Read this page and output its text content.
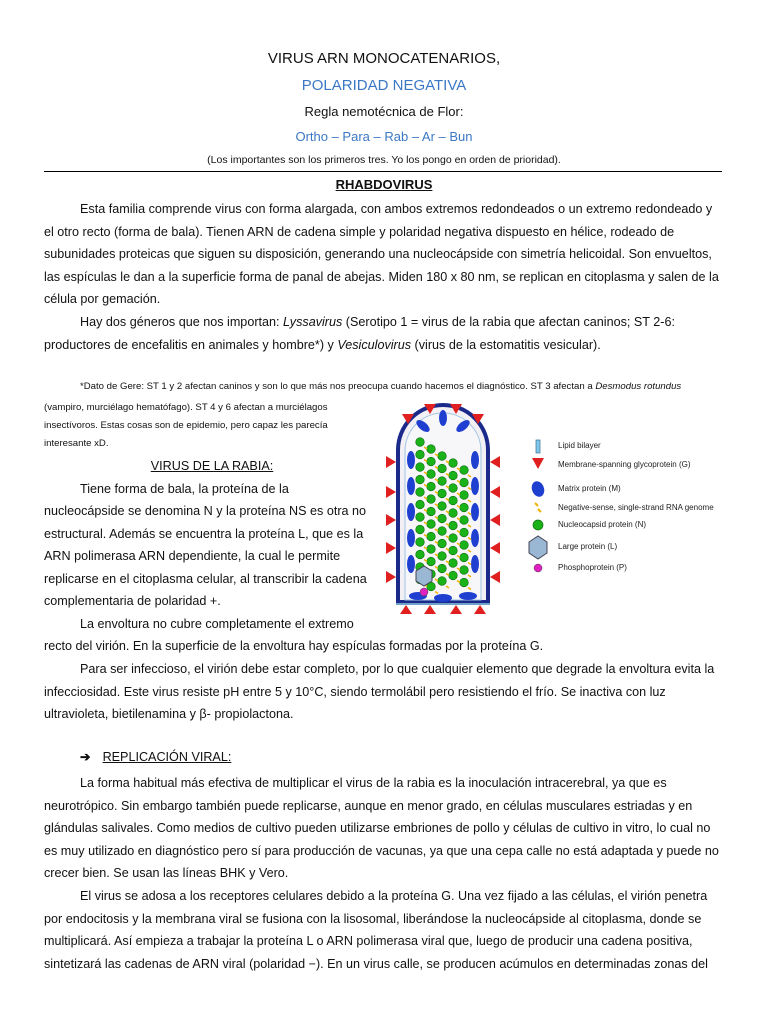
VIRUS ARN MONOCATENARIOS,
POLARIDAD NEGATIVA
Regla nemotécnica de Flor:
Ortho – Para – Rab – Ar – Bun
(Los importantes son los primeros tres. Yo los pongo en orden de prioridad).
RHABDOVIRUS

Esta familia comprende virus con forma alargada, con ambos extremos redondeados o un extremo redondeado y el otro recto (forma de bala). Tienen ARN de cadena simple y polaridad negativa dispuesto en hélice, rodeado de subunidades proteicas que siguen su disposición, generando una nucleocápside con simetría helicoidal. Son envueltos, las espículas le dan a la superficie forma de panal de abejas. Miden 180 x 80 nm, se replican en citoplasma y salen de la célula por gemación.

Hay dos géneros que nos importan: Lyssavirus (Serotipo 1 = virus de la rabia que afectan caninos; ST 2-6: productores de encefalitis en animales y hombre*) y Vesiculovirus (virus de la estomatitis vesicular).

*Dato de Gere: ST 1 y 2 afectan caninos y son lo que más nos preocupa cuando hacemos el diagnóstico. ST 3 afectan a Desmodus rotundus

(vampiro, murciélago hematófago). ST 4 y 6 afectan a murciélagos

insectívoros. Estas cosas son de epidemio, pero capaz les parecía

interesante xD.

VIRUS DE LA RABIA:

Tiene forma de bala, la proteína de la

nucleocápside se denomina N y la proteína NS es otra no

estructural. Además se encuentra la proteína L, que es la

ARN polimerasa ARN dependiente, la cual le permite

replicarse en el citoplasma celular, al transcribir la cadena

complementaria de polaridad +.

La envoltura no cubre completamente el extremo

recto del virión. En la superficie de la envoltura hay espículas formadas por la proteína G.

Para ser infeccioso, el virión debe estar completo, por lo que cualquier elemento que degrade la envoltura evita la infecciosidad. Este virus resiste pH entre 5 y 10°C, siendo termolábil pero resistiendo el frío. Se inactiva con luz ultravioleta, bietilenamina y β- propiolactona.

Lipid bilayer
Membrane-spanning glycoprotein (G)
Matrix protein (M)
Negative-sense, single-strand RNA genome
Nucleocapsid protein (N)
Large protein (L)
Phosphoprotein (P)
➔ REPLICACIÓN VIRAL:

La forma habitual más efectiva de multiplicar el virus de la rabia es la inoculación intracerebral, ya que es neurotrópico. Sin embargo también puede replicarse, aunque en menor grado, en células musculares estriadas y en glándulas salivales. Como medios de cultivo pueden utilizarse embriones de pollo y células de cultivo in vitro, lo cual no es muy utilizado en diagnóstico pero sí para producción de vacunas, ya que una cepa calle no está adaptada y puede no crecer bien. Se usan las líneas BHK y Vero.

El virus se adosa a los receptores celulares debido a la proteína G. Una vez fijado a las células, el virión penetra por endocitosis y la membrana viral se fusiona con la lisosomal, liberándose la nucleocápside al citoplasma, donde se multiplicará. Así empieza a trabajar la proteína L o ARN polimerasa viral que, luego de producir una cadena positiva, sintetizará las cadenas de ARN viral (polaridad −). En un virus calle, se producen acúmulos en determinadas zonas del
